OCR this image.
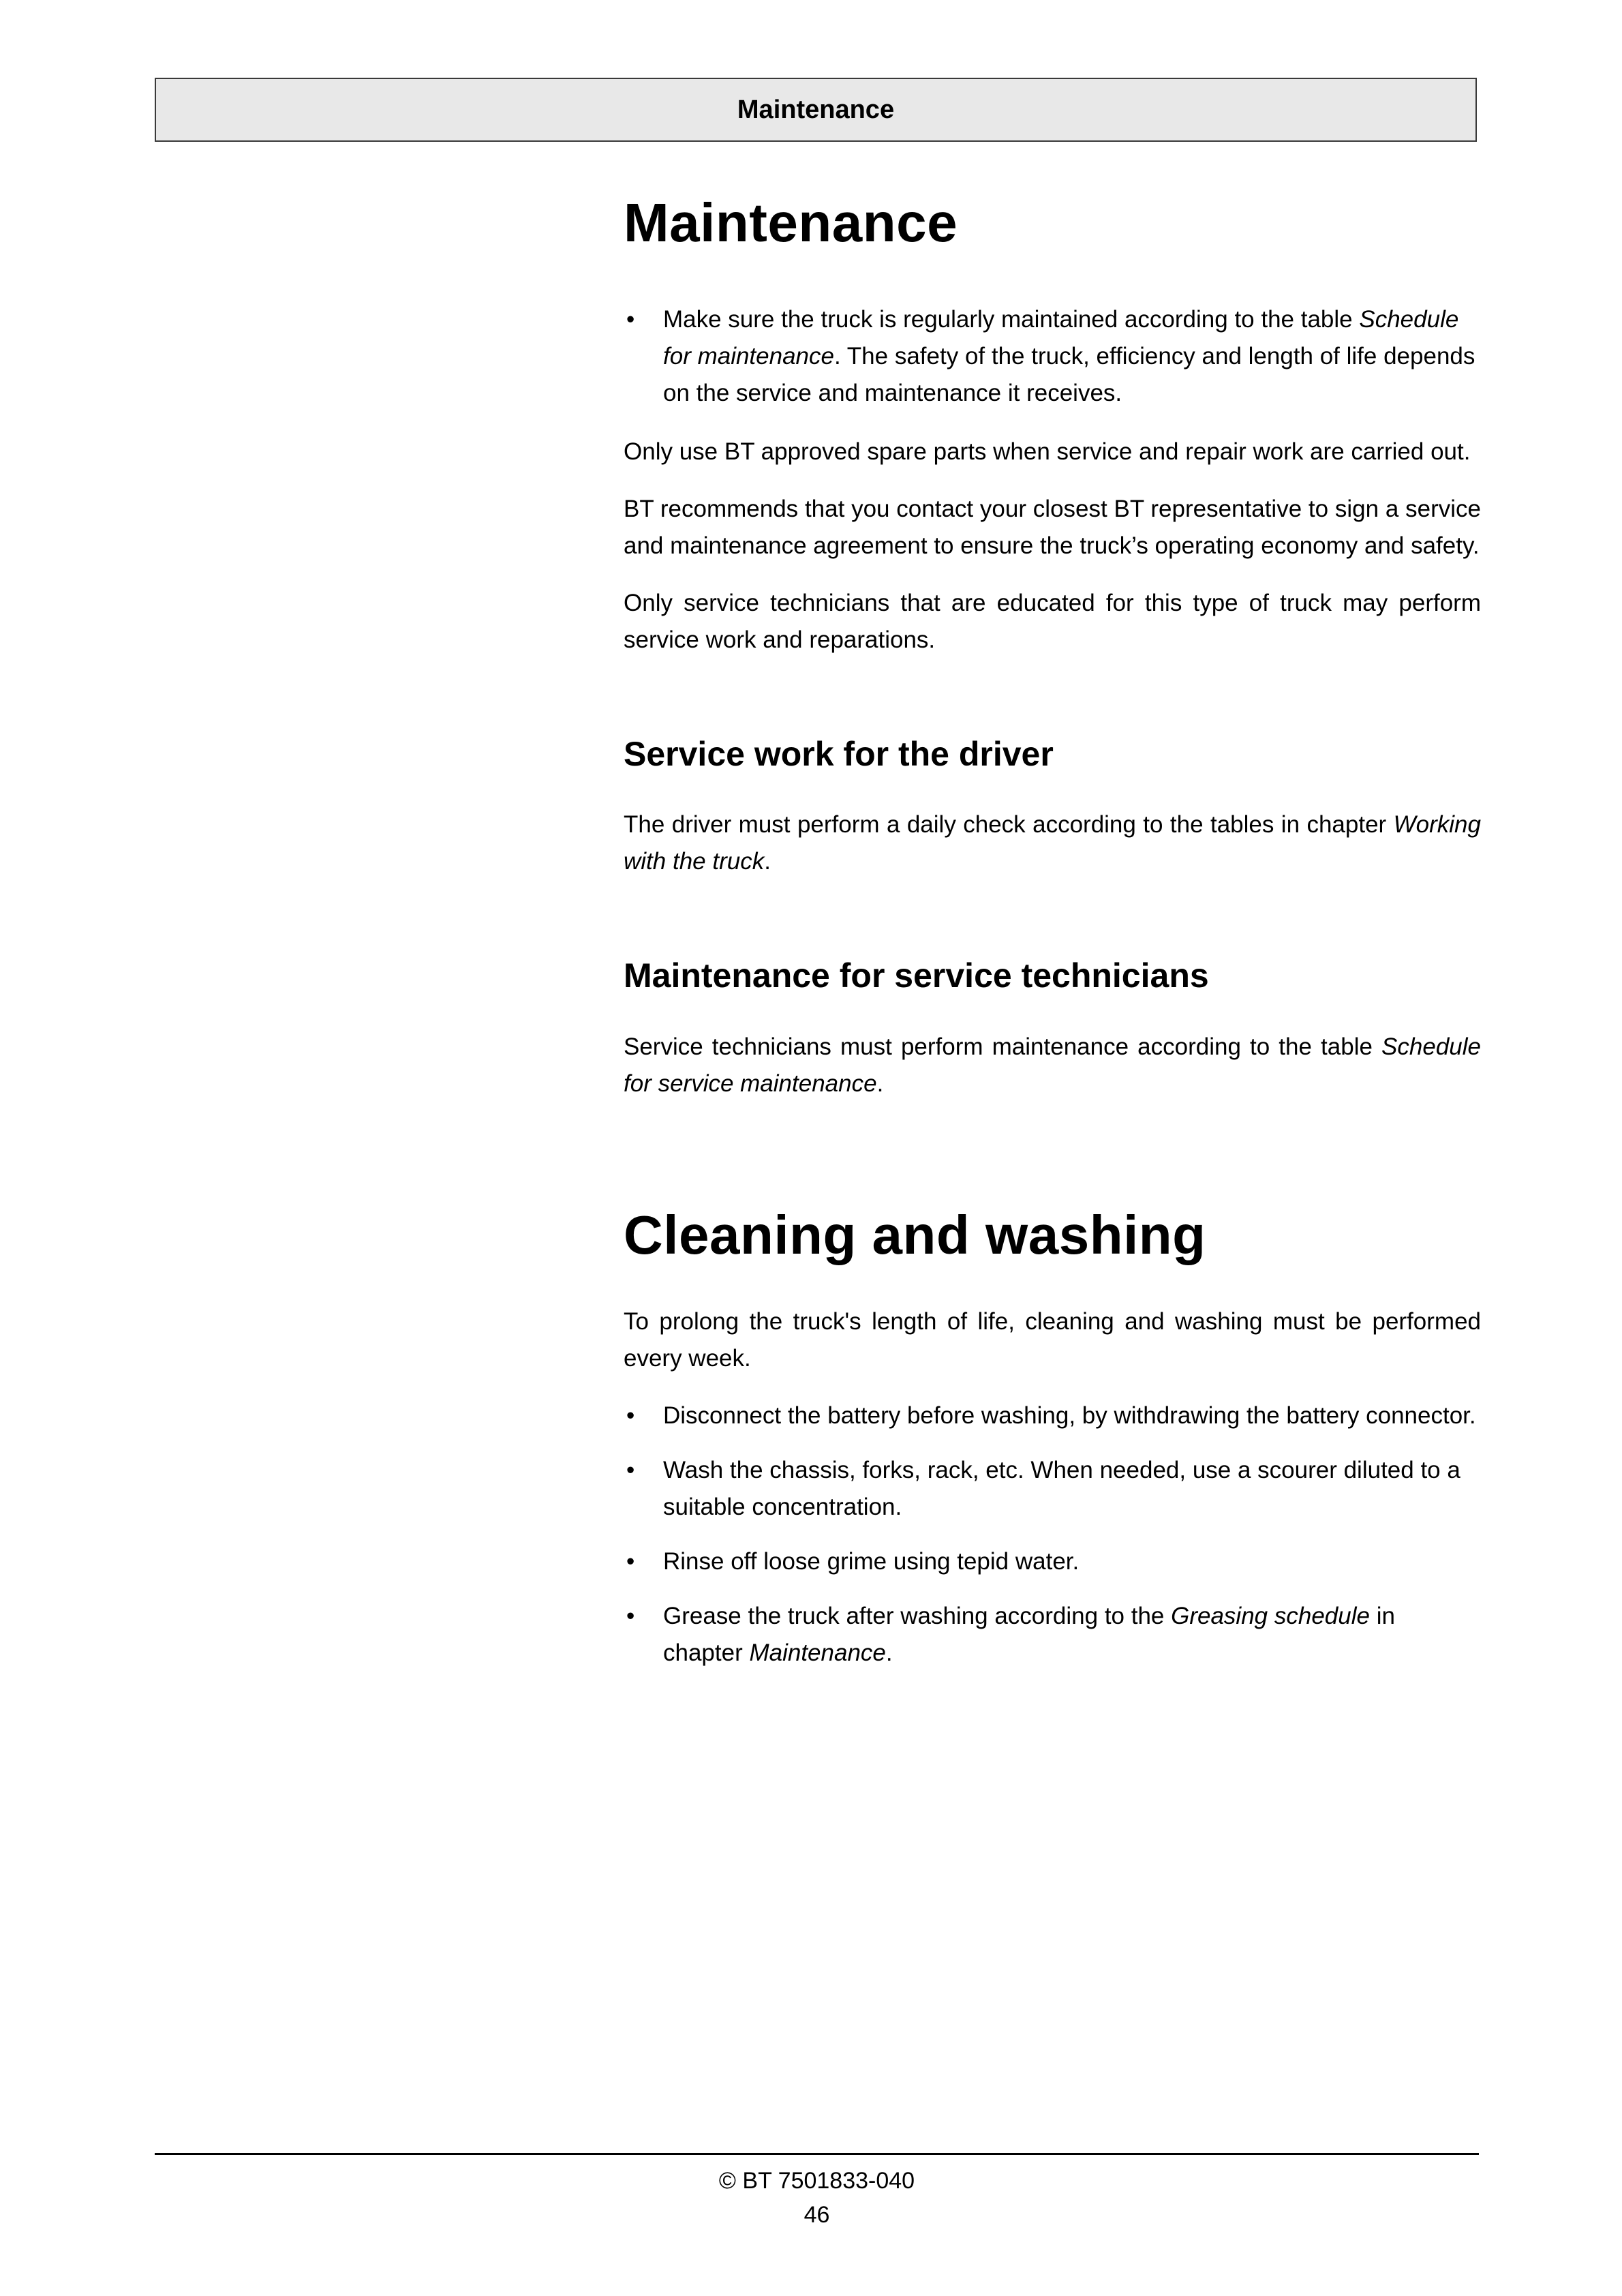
Maintenance
Maintenance
• Make sure the truck is regularly maintained according to the table Schedule for maintenance. The safety of the truck, efficiency and length of life depends on the service and maintenance it receives.

Only use BT approved spare parts when service and repair work are carried out.

BT recommends that you contact your closest BT representative to sign a service and maintenance agreement to ensure the truck’s operating economy and safety.

Only service technicians that are educated for this type of truck may perform service work and reparations.

Service work for the driver

The driver must perform a daily check according to the tables in chapter Working with the truck.

Maintenance for service technicians

Service technicians must perform maintenance according to the table Schedule for service maintenance.

Cleaning and washing

To prolong the truck's length of life, cleaning and washing must be performed every week.

• Disconnect the battery before washing, by withdrawing the battery connector.
• Wash the chassis, forks, rack, etc. When needed, use a scourer diluted to a suitable concentration.
• Rinse off loose grime using tepid water.
• Grease the truck after washing according to the Greasing schedule in chapter Maintenance.
© BT 7501833-040
46
